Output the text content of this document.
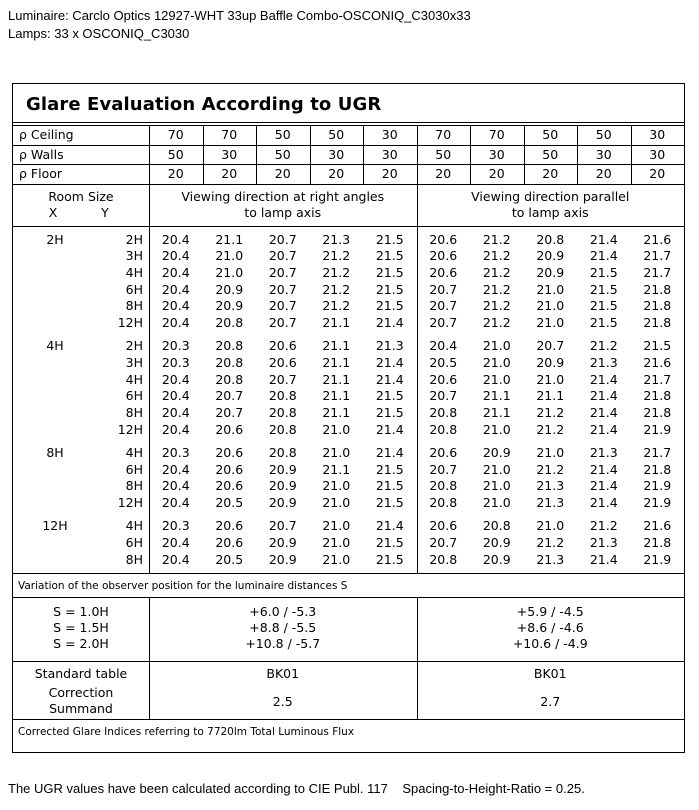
Luminaire: Carclo Optics 12927-WHT 33up Baffle Combo-OSCONIQ_C3030x33
Lamps: 33 x OSCONIQ_C3030
Glare Evaluation According to UGR
ρ Ceiling	70	70	50	50	30	70	70	50	50	30
ρ Walls	50	30	50	30	30	50	30	50	30	30
ρ Floor	20	20	20	20	20	20	20	20	20	20
Room Size
X	Y
Viewing direction at right angles
to lamp axis
Viewing direction parallel
to lamp axis
2H	2H	20.4	21.1	20.7	21.3	21.5	20.6	21.2	20.8	21.4	21.6
3H	20.4	21.0	20.7	21.2	21.5	20.6	21.2	20.9	21.4	21.7
4H	20.4	21.0	20.7	21.2	21.5	20.6	21.2	20.9	21.5	21.7
6H	20.4	20.9	20.7	21.2	21.5	20.7	21.2	21.0	21.5	21.8
8H	20.4	20.9	20.7	21.2	21.5	20.7	21.2	21.0	21.5	21.8
12H	20.4	20.8	20.7	21.1	21.4	20.7	21.2	21.0	21.5	21.8
4H	2H	20.3	20.8	20.6	21.1	21.3	20.4	21.0	20.7	21.2	21.5
3H	20.3	20.8	20.6	21.1	21.4	20.5	21.0	20.9	21.3	21.6
4H	20.4	20.8	20.7	21.1	21.4	20.6	21.0	21.0	21.4	21.7
6H	20.4	20.7	20.8	21.1	21.5	20.7	21.1	21.1	21.4	21.8
8H	20.4	20.7	20.8	21.1	21.5	20.8	21.1	21.2	21.4	21.8
12H	20.4	20.6	20.8	21.0	21.4	20.8	21.0	21.2	21.4	21.9
8H	4H	20.3	20.6	20.8	21.0	21.4	20.6	20.9	21.0	21.3	21.7
6H	20.4	20.6	20.9	21.1	21.5	20.7	21.0	21.2	21.4	21.8
8H	20.4	20.6	20.9	21.0	21.5	20.8	21.0	21.3	21.4	21.9
12H	20.4	20.5	20.9	21.0	21.5	20.8	21.0	21.3	21.4	21.9
12H	4H	20.3	20.6	20.7	21.0	21.4	20.6	20.8	21.0	21.2	21.6
6H	20.4	20.6	20.9	21.0	21.5	20.7	20.9	21.2	21.3	21.8
8H	20.4	20.5	20.9	21.0	21.5	20.8	20.9	21.3	21.4	21.9
Variation of the observer position for the luminaire distances S
S = 1.0H	+6.0 / -5.3	+5.9 / -4.5
S = 1.5H	+8.8 / -5.5	+8.6 / -4.6
S = 2.0H	+10.8 / -5.7	+10.6 / -4.9
Standard table	BK01	BK01
Correction
Summand	2.5	2.7
Corrected Glare Indices referring to 7720lm Total Luminous Flux
The UGR values have been calculated according to CIE Publ. 117    Spacing-to-Height-Ratio = 0.25.
